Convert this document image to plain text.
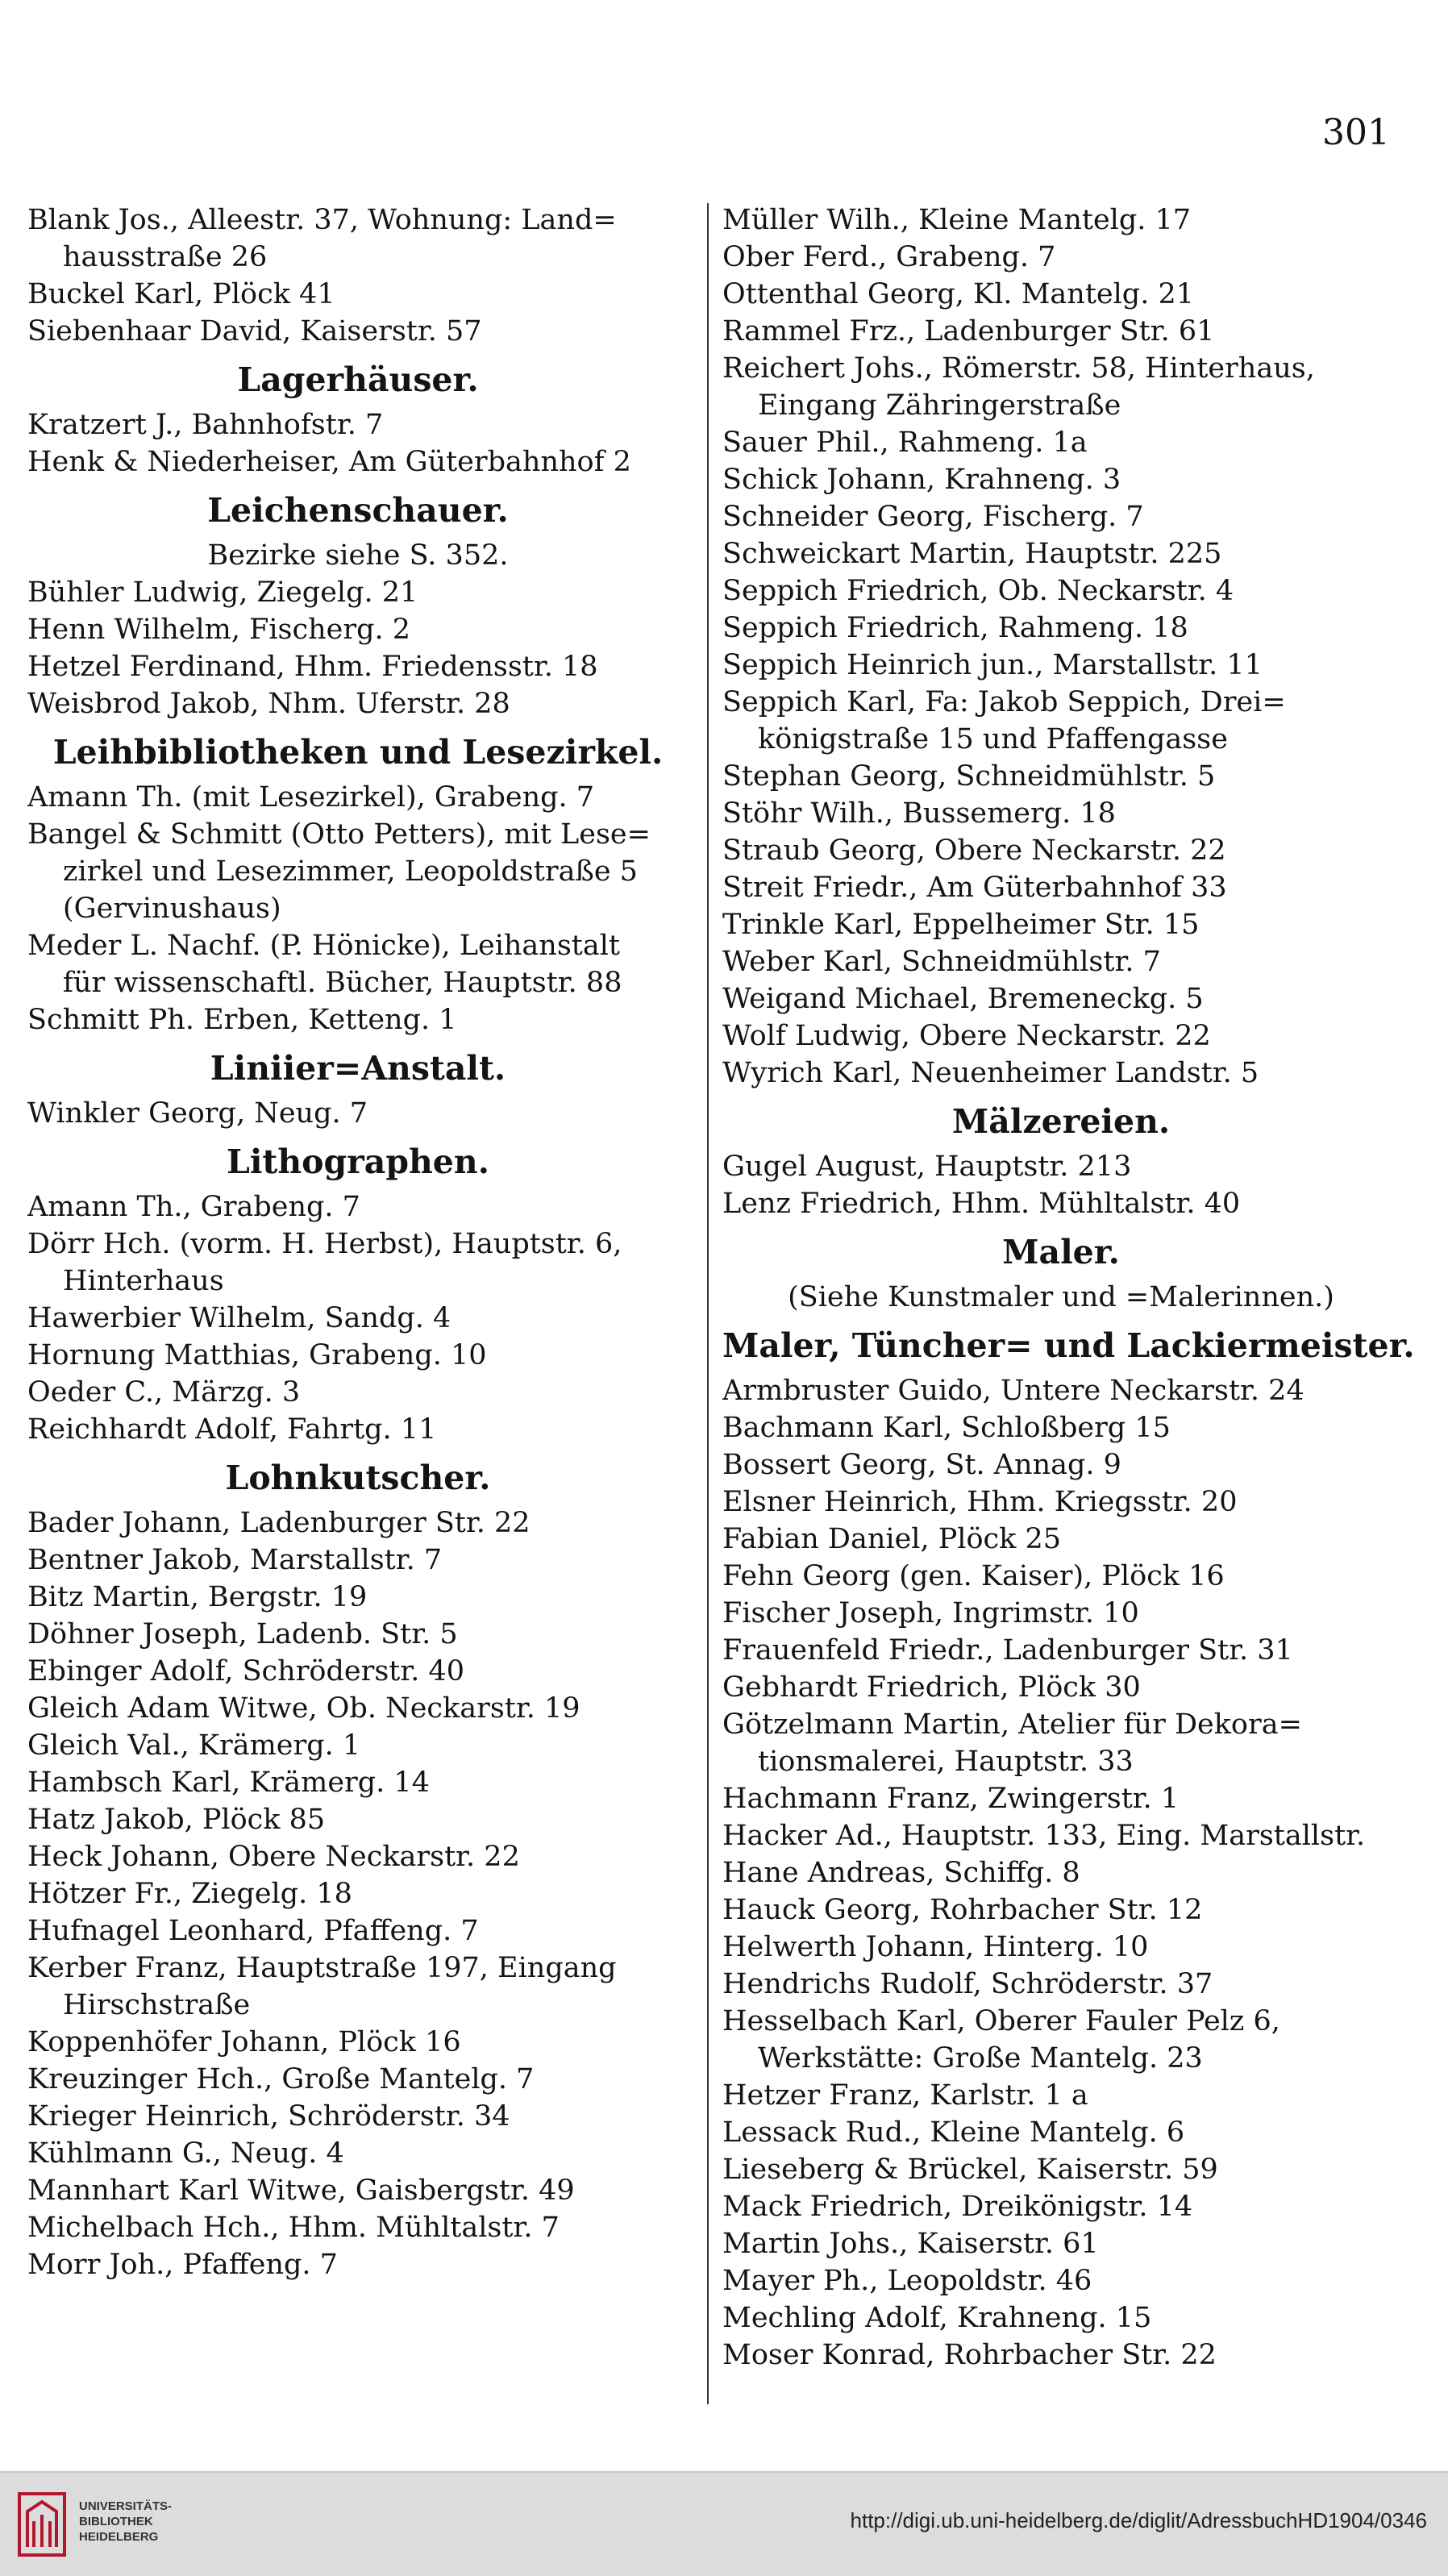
301
Blank Jos., Alleestr. 37, Wohnung: Land=
hausstraße 26
Buckel Karl, Plöck 41
Siebenhaar David, Kaiserstr. 57
Lagerhäuser.
Kratzert J., Bahnhofstr. 7
Henk & Niederheiser, Am Güterbahnhof 2
Leichenschauer.
Bezirke siehe S. 352.
Bühler Ludwig, Ziegelg. 21
Henn Wilhelm, Fischerg. 2
Hetzel Ferdinand, Hhm. Friedensstr. 18
Weisbrod Jakob, Nhm. Uferstr. 28
Leihbibliotheken und Lesezirkel.
Amann Th. (mit Lesezirkel), Grabeng. 7
Bangel & Schmitt (Otto Petters), mit Lese=
zirkel und Lesezimmer, Leopoldstraße 5
(Gervinushaus)
Meder L. Nachf. (P. Hönicke), Leihanstalt
für wissenschaftl. Bücher, Hauptstr. 88
Schmitt Ph. Erben, Ketteng. 1
Liniier=Anstalt.
Winkler Georg, Neug. 7
Lithographen.
Amann Th., Grabeng. 7
Dörr Hch. (vorm. H. Herbst), Hauptstr. 6,
Hinterhaus
Hawerbier Wilhelm, Sandg. 4
Hornung Matthias, Grabeng. 10
Oeder C., Märzg. 3
Reichhardt Adolf, Fahrtg. 11
Lohnkutscher.
Bader Johann, Ladenburger Str. 22
Bentner Jakob, Marstallstr. 7
Bitz Martin, Bergstr. 19
Döhner Joseph, Ladenb. Str. 5
Ebinger Adolf, Schröderstr. 40
Gleich Adam Witwe, Ob. Neckarstr. 19
Gleich Val., Krämerg. 1
Hambsch Karl, Krämerg. 14
Hatz Jakob, Plöck 85
Heck Johann, Obere Neckarstr. 22
Hötzer Fr., Ziegelg. 18
Hufnagel Leonhard, Pfaffeng. 7
Kerber Franz, Hauptstraße 197, Eingang
Hirschstraße
Koppenhöfer Johann, Plöck 16
Kreuzinger Hch., Große Mantelg. 7
Krieger Heinrich, Schröderstr. 34
Kühlmann G., Neug. 4
Mannhart Karl Witwe, Gaisbergstr. 49
Michelbach Hch., Hhm. Mühltalstr. 7
Morr Joh., Pfaffeng. 7
Müller Wilh., Kleine Mantelg. 17
Ober Ferd., Grabeng. 7
Ottenthal Georg, Kl. Mantelg. 21
Rammel Frz., Ladenburger Str. 61
Reichert Johs., Römerstr. 58, Hinterhaus,
Eingang Zähringerstraße
Sauer Phil., Rahmeng. 1a
Schick Johann, Krahneng. 3
Schneider Georg, Fischerg. 7
Schweickart Martin, Hauptstr. 225
Seppich Friedrich, Ob. Neckarstr. 4
Seppich Friedrich, Rahmeng. 18
Seppich Heinrich jun., Marstallstr. 11
Seppich Karl, Fa: Jakob Seppich, Drei=
königstraße 15 und Pfaffengasse
Stephan Georg, Schneidmühlstr. 5
Stöhr Wilh., Bussemerg. 18
Straub Georg, Obere Neckarstr. 22
Streit Friedr., Am Güterbahnhof 33
Trinkle Karl, Eppelheimer Str. 15
Weber Karl, Schneidmühlstr. 7
Weigand Michael, Bremeneckg. 5
Wolf Ludwig, Obere Neckarstr. 22
Wyrich Karl, Neuenheimer Landstr. 5
Mälzereien.
Gugel August, Hauptstr. 213
Lenz Friedrich, Hhm. Mühltalstr. 40
Maler.
(Siehe Kunstmaler und =Malerinnen.)
Maler, Tüncher= und Lackiermeister.
Armbruster Guido, Untere Neckarstr. 24
Bachmann Karl, Schloßberg 15
Bossert Georg, St. Annag. 9
Elsner Heinrich, Hhm. Kriegsstr. 20
Fabian Daniel, Plöck 25
Fehn Georg (gen. Kaiser), Plöck 16
Fischer Joseph, Ingrimstr. 10
Frauenfeld Friedr., Ladenburger Str. 31
Gebhardt Friedrich, Plöck 30
Götzelmann Martin, Atelier für Dekora=
tionsmalerei, Hauptstr. 33
Hachmann Franz, Zwingerstr. 1
Hacker Ad., Hauptstr. 133, Eing. Marstallstr.
Hane Andreas, Schiffg. 8
Hauck Georg, Rohrbacher Str. 12
Helwerth Johann, Hinterg. 10
Hendrichs Rudolf, Schröderstr. 37
Hesselbach Karl, Oberer Fauler Pelz 6,
Werkstätte: Große Mantelg. 23
Hetzer Franz, Karlstr. 1 a
Lessack Rud., Kleine Mantelg. 6
Lieseberg & Brückel, Kaiserstr. 59
Mack Friedrich, Dreikönigstr. 14
Martin Johs., Kaiserstr. 61
Mayer Ph., Leopoldstr. 46
Mechling Adolf, Krahneng. 15
Moser Konrad, Rohrbacher Str. 22
UNIVERSITÄTS-
BIBLIOTHEK
HEIDELBERG
http://digi.ub.uni-heidelberg.de/diglit/AdressbuchHD1904/0346
